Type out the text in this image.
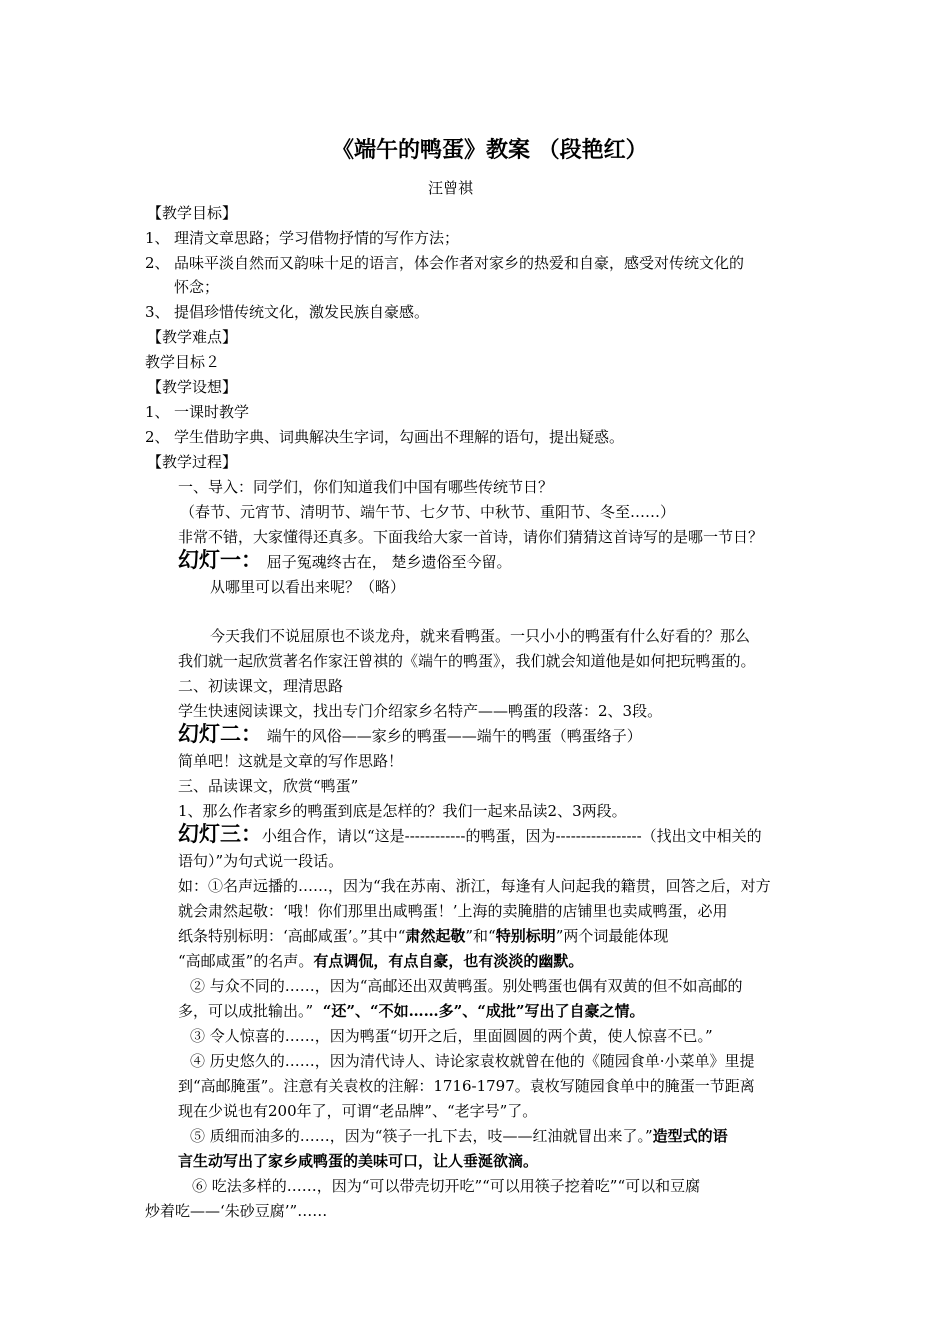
《端午的鸭蛋》教案 （段艳红）
汪曾祺
【教学目标】
1、 理清文章思路；学习借物抒情的写作方法；
2、 品味平淡自然而又韵味十足的语言，体会作者对家乡的热爱和自豪，感受对传统文化的
怀念；
3、 提倡珍惜传统文化，激发民族自豪感。
【教学难点】
教学目标２
【教学设想】
1、 一课时教学
2、 学生借助字典、词典解决生字词，勾画出不理解的语句，提出疑惑。
【教学过程】
一、导入：同学们，你们知道我们中国有哪些传统节日？
（春节、元宵节、清明节、端午节、七夕节、中秋节、重阳节、冬至……）
非常不错，大家懂得还真多。下面我给大家一首诗，请你们猜猜这首诗写的是哪一节日？
幻灯一： 屈子冤魂终古在， 楚乡遗俗至今留。
从哪里可以看出来呢？（略）
今天我们不说屈原也不谈龙舟，就来看鸭蛋。一只小小的鸭蛋有什么好看的？那么
我们就一起欣赏著名作家汪曾祺的《端午的鸭蛋》，我们就会知道他是如何把玩鸭蛋的。
二、初读课文，理清思路
学生快速阅读课文，找出专门介绍家乡名特产——鸭蛋的段落：2、3段。
幻灯二： 端午的风俗——家乡的鸭蛋——端午的鸭蛋（鸭蛋络子）
简单吧！这就是文章的写作思路！
三、品读课文，欣赏“鸭蛋”
1、那么作者家乡的鸭蛋到底是怎样的？我们一起来品读2、3两段。
幻灯三：小组合作，请以“这是------------的鸭蛋，因为-----------------（找出文中相关的
语句）”为句式说一段话。
如：①名声远播的……，因为“我在苏南、浙江，每逢有人问起我的籍贯，回答之后，对方
就会肃然起敬：‘哦！你们那里出咸鸭蛋！’上海的卖腌腊的店铺里也卖咸鸭蛋，必用
纸条特别标明：‘高邮咸蛋’。”其中“肃然起敬”和“特别标明”两个词最能体现
“高邮咸蛋”的名声。有点调侃，有点自豪，也有淡淡的幽默。
② 与众不同的……，因为“高邮还出双黄鸭蛋。别处鸭蛋也偶有双黄的但不如高邮的
多，可以成批输出。” “还”、“不如……多”、“成批”写出了自豪之情。
③ 令人惊喜的……，因为鸭蛋“切开之后，里面圆圆的两个黄，使人惊喜不已。”
④ 历史悠久的……，因为清代诗人、诗论家袁枚就曾在他的《随园食单·小菜单》里提
到“高邮腌蛋”。注意有关袁枚的注解：1716-1797。袁枚写随园食单中的腌蛋一节距离
现在少说也有200年了，可谓“老品牌”、“老字号”了。
⑤ 质细而油多的……，因为“筷子一扎下去，吱——红油就冒出来了。”造型式的语
言生动写出了家乡咸鸭蛋的美味可口，让人垂涎欲滴。
⑥ 吃法多样的……，因为“可以带壳切开吃”“可以用筷子挖着吃”“可以和豆腐
炒着吃——‘朱砂豆腐’”……
